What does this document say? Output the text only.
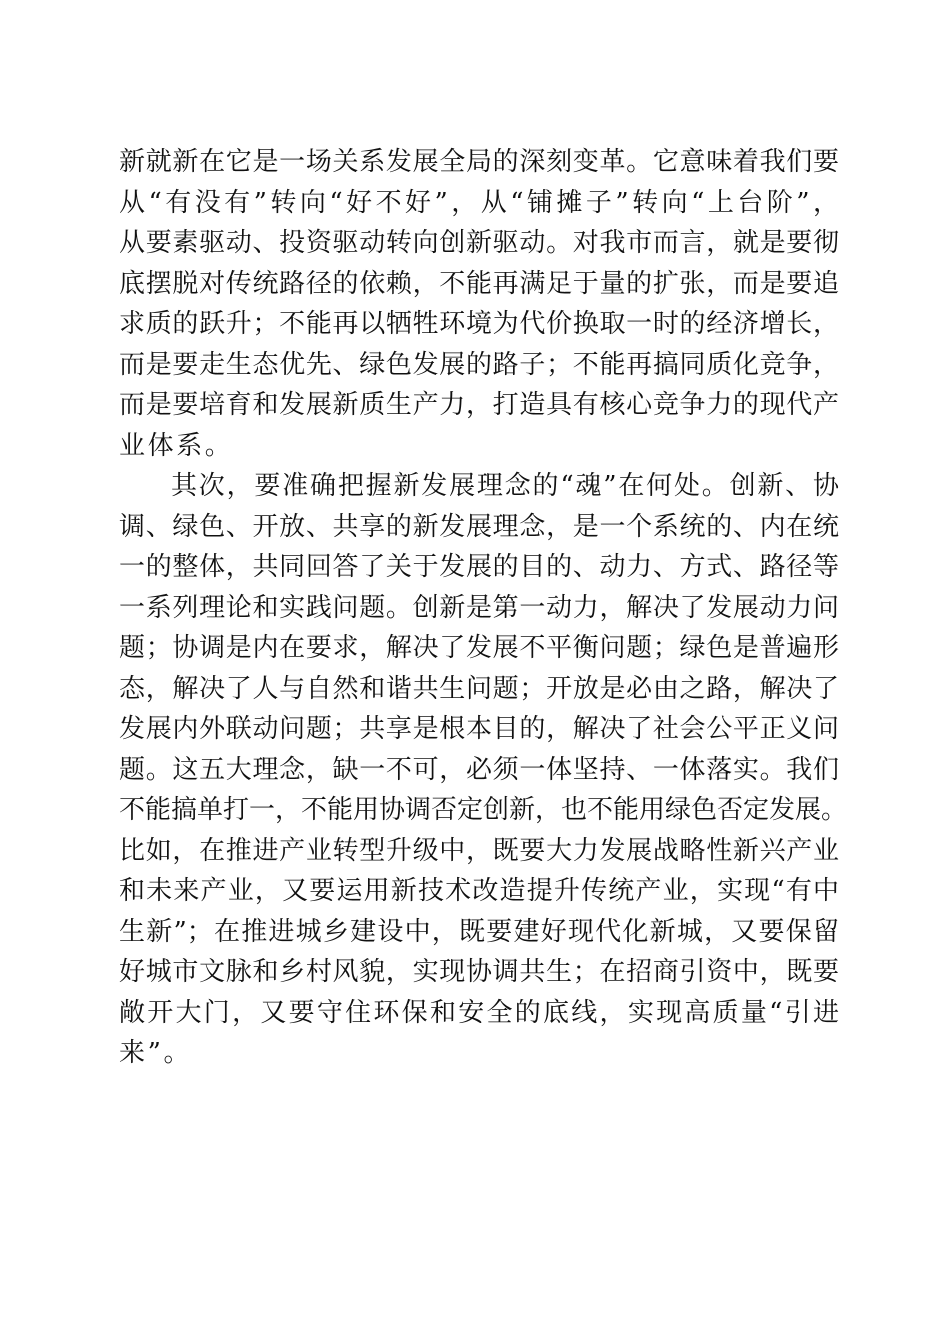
新就新在它是一场关系发展全局的深刻变革。它意味着我们要
从“有没有”转向“好不好”，从“铺摊子”转向“上台阶”，
从要素驱动、投资驱动转向创新驱动。对我市而言，就是要彻
底摆脱对传统路径的依赖，不能再满足于量的扩张，而是要追
求质的跃升；不能再以牺牲环境为代价换取一时的经济增长，
而是要走生态优先、绿色发展的路子；不能再搞同质化竞争，
而是要培育和发展新质生产力，打造具有核心竞争力的现代产
业体系。
其次，要准确把握新发展理念的“魂”在何处。创新、协
调、绿色、开放、共享的新发展理念，是一个系统的、内在统
一的整体，共同回答了关于发展的目的、动力、方式、路径等
一系列理论和实践问题。创新是第一动力，解决了发展动力问
题；协调是内在要求，解决了发展不平衡问题；绿色是普遍形
态，解决了人与自然和谐共生问题；开放是必由之路，解决了
发展内外联动问题；共享是根本目的，解决了社会公平正义问
题。这五大理念，缺一不可，必须一体坚持、一体落实。我们
不能搞单打一，不能用协调否定创新，也不能用绿色否定发展。
比如，在推进产业转型升级中，既要大力发展战略性新兴产业
和未来产业，又要运用新技术改造提升传统产业，实现“有中
生新”；在推进城乡建设中，既要建好现代化新城，又要保留
好城市文脉和乡村风貌，实现协调共生；在招商引资中，既要
敞开大门，又要守住环保和安全的底线，实现高质量“引进
来”。
